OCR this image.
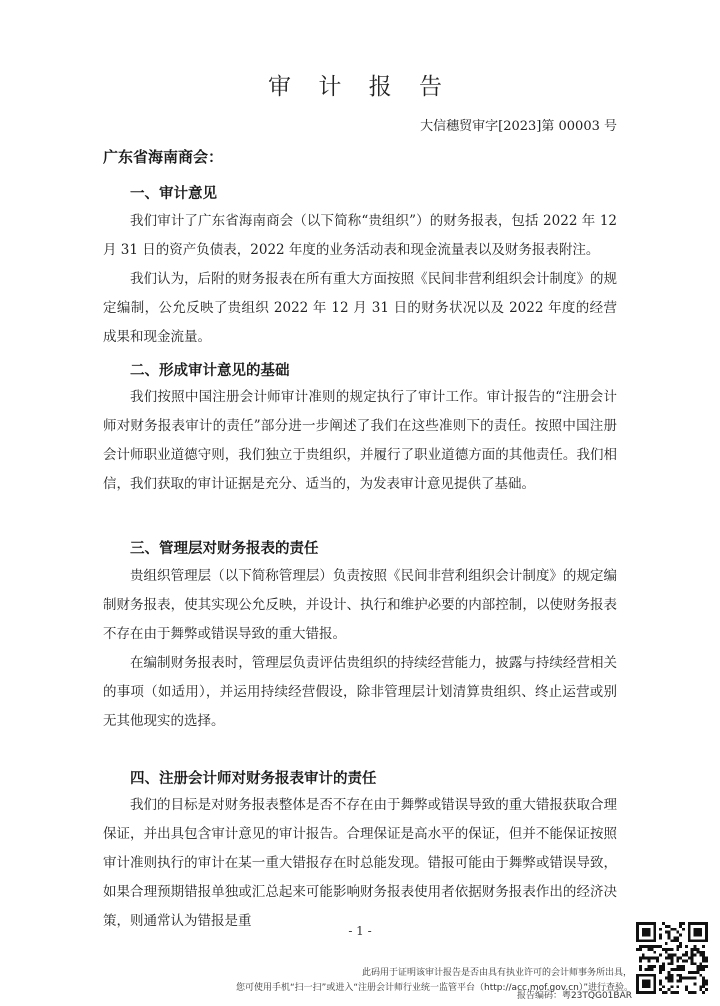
审 计 报 告
大信穗贸审字[2023]第 00003 号
广东省海南商会：
一、审计意见
我们审计了广东省海南商会（以下简称“贵组织”）的财务报表，包括 2022 年 12 月 31 日的资产负债表，2022 年度的业务活动表和现金流量表以及财务报表附注。
我们认为，后附的财务报表在所有重大方面按照《民间非营利组织会计制度》的规定编制，公允反映了贵组织 2022 年 12 月 31 日的财务状况以及 2022 年度的经营成果和现金流量。
二、形成审计意见的基础
我们按照中国注册会计师审计准则的规定执行了审计工作。审计报告的“注册会计师对财务报表审计的责任”部分进一步阐述了我们在这些准则下的责任。按照中国注册会计师职业道德守则，我们独立于贵组织，并履行了职业道德方面的其他责任。我们相信，我们获取的审计证据是充分、适当的，为发表审计意见提供了基础。
三、管理层对财务报表的责任
贵组织管理层（以下简称管理层）负责按照《民间非营利组织会计制度》的规定编制财务报表，使其实现公允反映，并设计、执行和维护必要的内部控制，以使财务报表不存在由于舞弊或错误导致的重大错报。
在编制财务报表时，管理层负责评估贵组织的持续经营能力，披露与持续经营相关的事项（如适用），并运用持续经营假设，除非管理层计划清算贵组织、终止运营或别无其他现实的选择。
四、注册会计师对财务报表审计的责任
我们的目标是对财务报表整体是否不存在由于舞弊或错误导致的重大错报获取合理保证，并出具包含审计意见的审计报告。合理保证是高水平的保证，但并不能保证按照审计准则执行的审计在某一重大错报存在时总能发现。错报可能由于舞弊或错误导致，如果合理预期错报单独或汇总起来可能影响财务报表使用者依据财务报表作出的经济决策，则通常认为错报是重
- 1 -
此码用于证明该审计报告是否由具有执业许可的会计师事务所出具，
您可使用手机“扫一扫”或进入“注册会计师行业统一监管平台（http://acc.mof.gov.cn）”进行查验。
报告编码：粤23TQG01BAR
